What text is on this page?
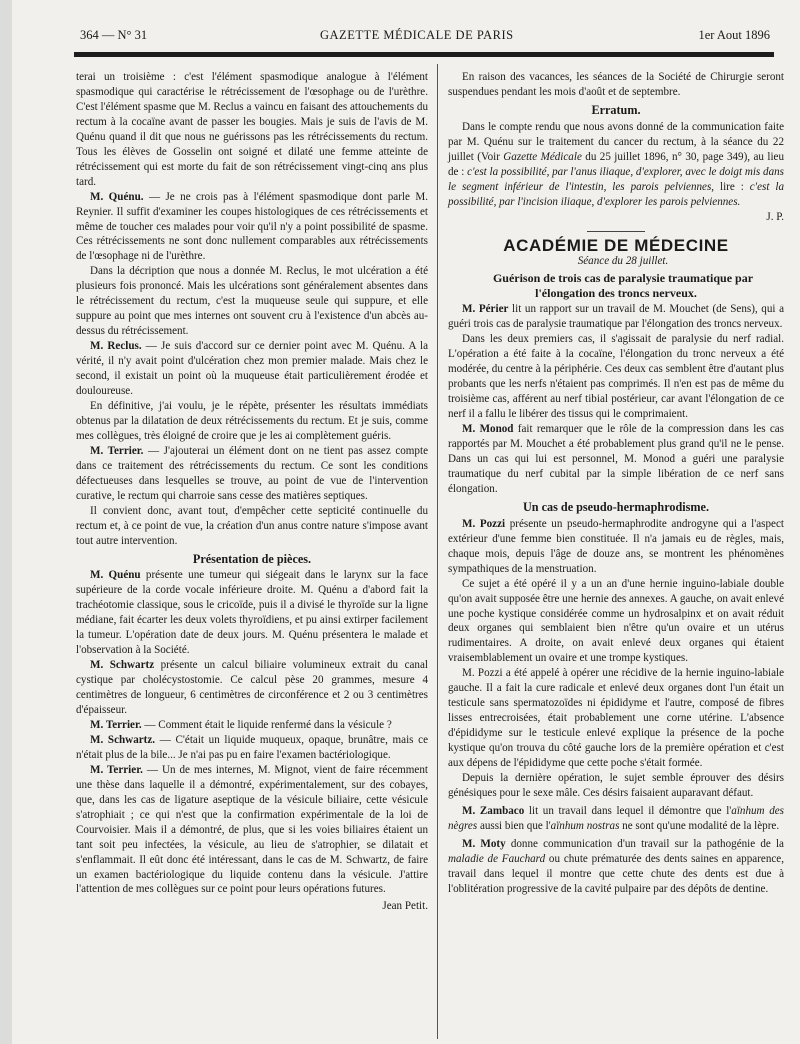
364 — N° 31	GAZETTE MÉDICALE DE PARIS	1er Aout 1896

terai un troisième : c'est l'élément spasmodique analogue à l'élément spasmodique qui caractérise le rétrécissement de l'œsophage ou de l'urèthre. C'est l'élément spasme que M. Reclus a vaincu en faisant des attouchements du rectum à la cocaïne avant de passer les bougies. Mais je suis de l'avis de M. Quénu quand il dit que nous ne guérissons pas les rétrécissements du rectum. Tous les élèves de Gosselin ont soigné et dilaté une femme atteinte de rétrécissement qui est morte du fait de son rétrécissement vingt-cinq ans plus tard.

M. Quénu. — Je ne crois pas à l'élément spasmodique dont parle M. Reynier. Il suffit d'examiner les coupes histologiques de ces rétrécissements et même de toucher ces malades pour voir qu'il n'y a point possibilité de spasme. Ces rétrécissements ne sont donc nullement comparables aux rétrécissements de l'œsophage ni de l'urèthre.

Dans la décription que nous a donnée M. Reclus, le mot ulcération a été plusieurs fois prononcé. Mais les ulcérations sont généralement absentes dans le rétrécissement du rectum, c'est la muqueuse seule qui suppure, et elle suppure au point que mes internes ont souvent cru à l'existence d'un abcès au-dessus du rétrécissement.

M. Reclus. — Je suis d'accord sur ce dernier point avec M. Quénu. A la vérité, il n'y avait point d'ulcération chez mon premier malade. Mais chez le second, il existait un point où la muqueuse était particulièrement érodée et douloureuse.

En définitive, j'ai voulu, je le répète, présenter les résultats immédiats obtenus par la dilatation de deux rétrécissements du rectum. Et je suis, comme mes collègues, très éloigné de croire que je les ai complètement guéris.

M. Terrier. — J'ajouterai un élément dont on ne tient pas assez compte dans ce traitement des rétrécissements du rectum. Ce sont les conditions défectueuses dans lesquelles se trouve, au point de vue de l'intervention curative, le rectum qui charroie sans cesse des matières septiques.

Il convient donc, avant tout, d'empêcher cette septicité continuelle du rectum et, à ce point de vue, la création d'un anus contre nature s'impose avant tout autre intervention.

Présentation de pièces.

M. Quénu présente une tumeur qui siégeait dans le larynx sur la face supérieure de la corde vocale inférieure droite. M. Quénu a d'abord fait la trachéotomie classique, sous le cricoïde, puis il a divisé le thyroïde sur la ligne médiane, fait écarter les deux volets thyroïdiens, et pu ainsi extirper facilement la tumeur. L'opération date de deux jours. M. Quénu présentera le malade et l'observation à la Société.

M. Schwartz présente un calcul biliaire volumineux extrait du canal cystique par cholécystostomie. Ce calcul pèse 20 grammes, mesure 4 centimètres de longueur, 6 centimètres de circonférence et 2 ou 3 centimètres d'épaisseur.

M. Terrier. — Comment était le liquide renfermé dans la vésicule ?

M. Schwartz. — C'était un liquide muqueux, opaque, brunâtre, mais ce n'était plus de la bile... Je n'ai pas pu en faire l'examen bactériologique.

M. Terrier. — Un de mes internes, M. Mignot, vient de faire récemment une thèse dans laquelle il a démontré, expérimentalement, sur des cobayes, que, dans les cas de ligature aseptique de la vésicule biliaire, cette vésicule s'atrophiait ; ce qui n'est que la confirmation expérimentale de la loi de Courvoisier. Mais il a démontré, de plus, que si les voies biliaires étaient un tant soit peu infectées, la vésicule, au lieu de s'atrophier, se dilatait et s'enflammait. Il eût donc été intéressant, dans le cas de M. Schwartz, de faire un examen bactériologique du liquide contenu dans la vésicule. J'attire l'attention de mes collègues sur ce point pour leurs opérations futures.

Jean Petit.

En raison des vacances, les séances de la Société de Chirurgie seront suspendues pendant les mois d'août et de septembre.

Erratum.

Dans le compte rendu que nous avons donné de la communication faite par M. Quénu sur le traitement du cancer du rectum, à la séance du 22 juillet (Voir Gazette Médicale du 25 juillet 1896, n° 30, page 349), au lieu de : c'est la possibilité, par l'anus iliaque, d'explorer, avec le doigt mis dans le segment inférieur de l'intestin, les parois pelviennes, lire : c'est la possibilité, par l'incision iliaque, d'explorer les parois pelviennes.

J. P.

ACADÉMIE DE MÉDECINE

Séance du 28 juillet.

Guérison de trois cas de paralysie traumatique par l'élongation des troncs nerveux.

M. Périer lit un rapport sur un travail de M. Mouchet (de Sens), qui a guéri trois cas de paralysie traumatique par l'élongation des troncs nerveux.

Dans les deux premiers cas, il s'agissait de paralysie du nerf radial. L'opération a été faite à la cocaïne, l'élongation du tronc nerveux a été modérée, du centre à la périphérie. Ces deux cas semblent être d'autant plus probants que les nerfs n'étaient pas comprimés. Il n'en est pas de même du troisième cas, afférent au nerf tibial postérieur, car avant l'élongation de ce nerf il a fallu le libérer des tissus qui le comprimaient.

M. Monod fait remarquer que le rôle de la compression dans les cas rapportés par M. Mouchet a été probablement plus grand qu'il ne le pense. Dans un cas qui lui est personnel, M. Monod a guéri une paralysie traumatique du nerf cubital par la simple libération de ce nerf sans élongation.

Un cas de pseudo-hermaphrodisme.

M. Pozzi présente un pseudo-hermaphrodite androgyne qui a l'aspect extérieur d'une femme bien constituée. Il n'a jamais eu de règles, mais, chaque mois, depuis l'âge de douze ans, se montrent les phénomènes sympathiques de la menstruation.

Ce sujet a été opéré il y a un an d'une hernie inguino-labiale double qu'on avait supposée être une hernie des annexes. A gauche, on avait enlevé une poche kystique considérée comme un hydrosalpinx et on avait réduit deux organes qui semblaient bien n'être qu'un ovaire et un utérus rudimentaires. A droite, on avait enlevé deux organes qui étaient vraisemblablement un ovaire et une trompe kystiques.

M. Pozzi a été appelé à opérer une récidive de la hernie inguino-labiale gauche. Il a fait la cure radicale et enlevé deux organes dont l'un était un testicule sans spermatozoïdes ni épididyme et l'autre, composé de fibres lisses entrecroisées, était probablement une corne utérine. L'absence d'épididyme sur le testicule enlevé explique la présence de la poche kystique qu'on trouva du côté gauche lors de la première opération et c'est aux dépens de l'épididyme que cette poche s'était formée.

Depuis la dernière opération, le sujet semble éprouver des désirs génésiques pour le sexe mâle. Ces désirs faisaient auparavant défaut.

M. Zambaco lit un travail dans lequel il démontre que l'aïnhum des nègres aussi bien que l'aïnhum nostras ne sont qu'une modalité de la lèpre.

M. Moty donne communication d'un travail sur la pathogénie de la maladie de Fauchard ou chute prématurée des dents saines en apparence, travail dans lequel il montre que cette chute des dents est due à l'oblitération progressive de la cavité pulpaire par des dépôts de dentine.
